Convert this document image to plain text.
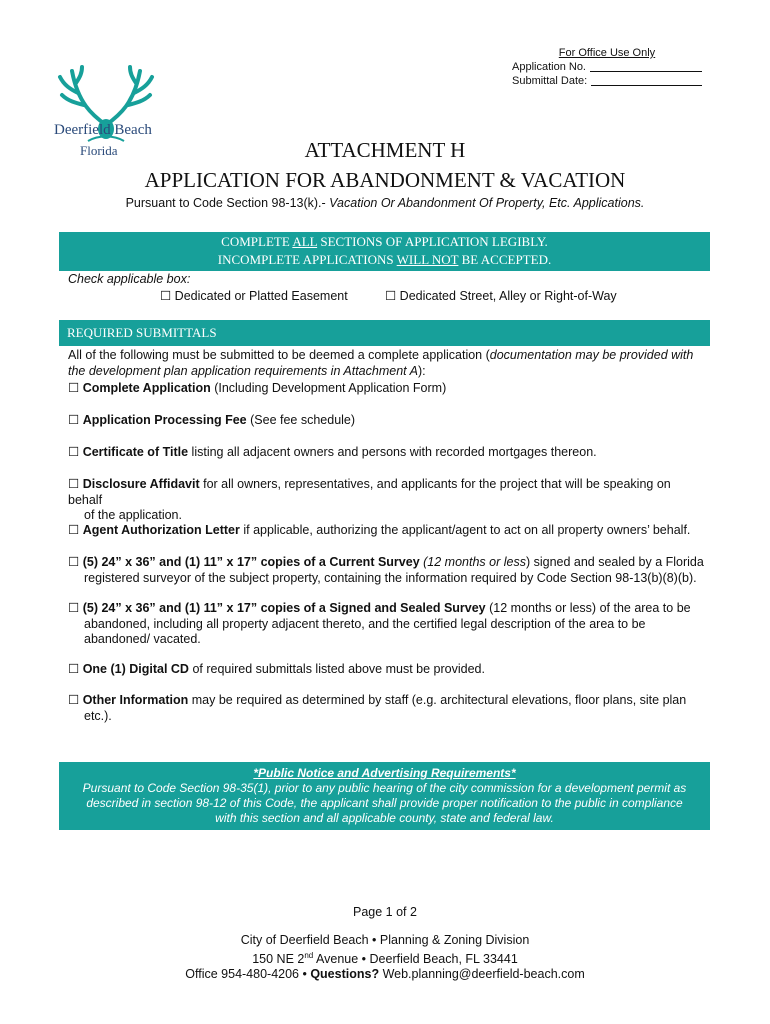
For Office Use Only
Application No.
Submittal Date:
Deerfield Beach
Florida	ATTACHMENT H
APPLICATION FOR ABANDONMENT & VACATION
Pursuant to Code Section 98-13(k).- Vacation Or Abandonment Of Property, Etc. Applications.
COMPLETE ALL SECTIONS OF APPLICATION LEGIBLY.
INCOMPLETE APPLICATIONS WILL NOT BE ACCEPTED.
Check applicable box:
☐ Dedicated or Platted Easement	☐ Dedicated Street, Alley or Right-of-Way
REQUIRED SUBMITTALS
All of the following must be submitted to be deemed a complete application (documentation may be provided with the development plan application requirements in Attachment A):
☐ Complete Application (Including Development Application Form)
☐ Application Processing Fee (See fee schedule)
☐ Certificate of Title listing all adjacent owners and persons with recorded mortgages thereon.
☐ Disclosure Affidavit for all owners, representatives, and applicants for the project that will be speaking on behalf
of the application.
☐ Agent Authorization Letter if applicable, authorizing the applicant/agent to act on all property owners’ behalf.
☐ (5) 24” x 36” and (1) 11” x 17” copies of a Current Survey (12 months or less) signed and sealed by a Florida
registered surveyor of the subject property, containing the information required by Code Section 98-13(b)(8)(b).
☐ (5) 24” x 36” and (1) 11” x 17” copies of a Signed and Sealed Survey (12 months or less) of the area to be
abandoned, including all property adjacent thereto, and the certified legal description of the area to be
abandoned/ vacated.
☐ One (1) Digital CD of required submittals listed above must be provided.
☐ Other Information may be required as determined by staff (e.g. architectural elevations, floor plans, site plan
etc.).
*Public Notice and Advertising Requirements*
Pursuant to Code Section 98-35(1), prior to any public hearing of the city commission for a development permit as
described in section 98-12 of this Code, the applicant shall provide proper notification to the public in compliance
with this section and all applicable county, state and federal law.
Page 1 of 2
City of Deerfield Beach • Planning & Zoning Division
150 NE 2nd Avenue • Deerfield Beach, FL 33441
Office 954-480-4206 • Questions? Web.planning@deerfield-beach.com
